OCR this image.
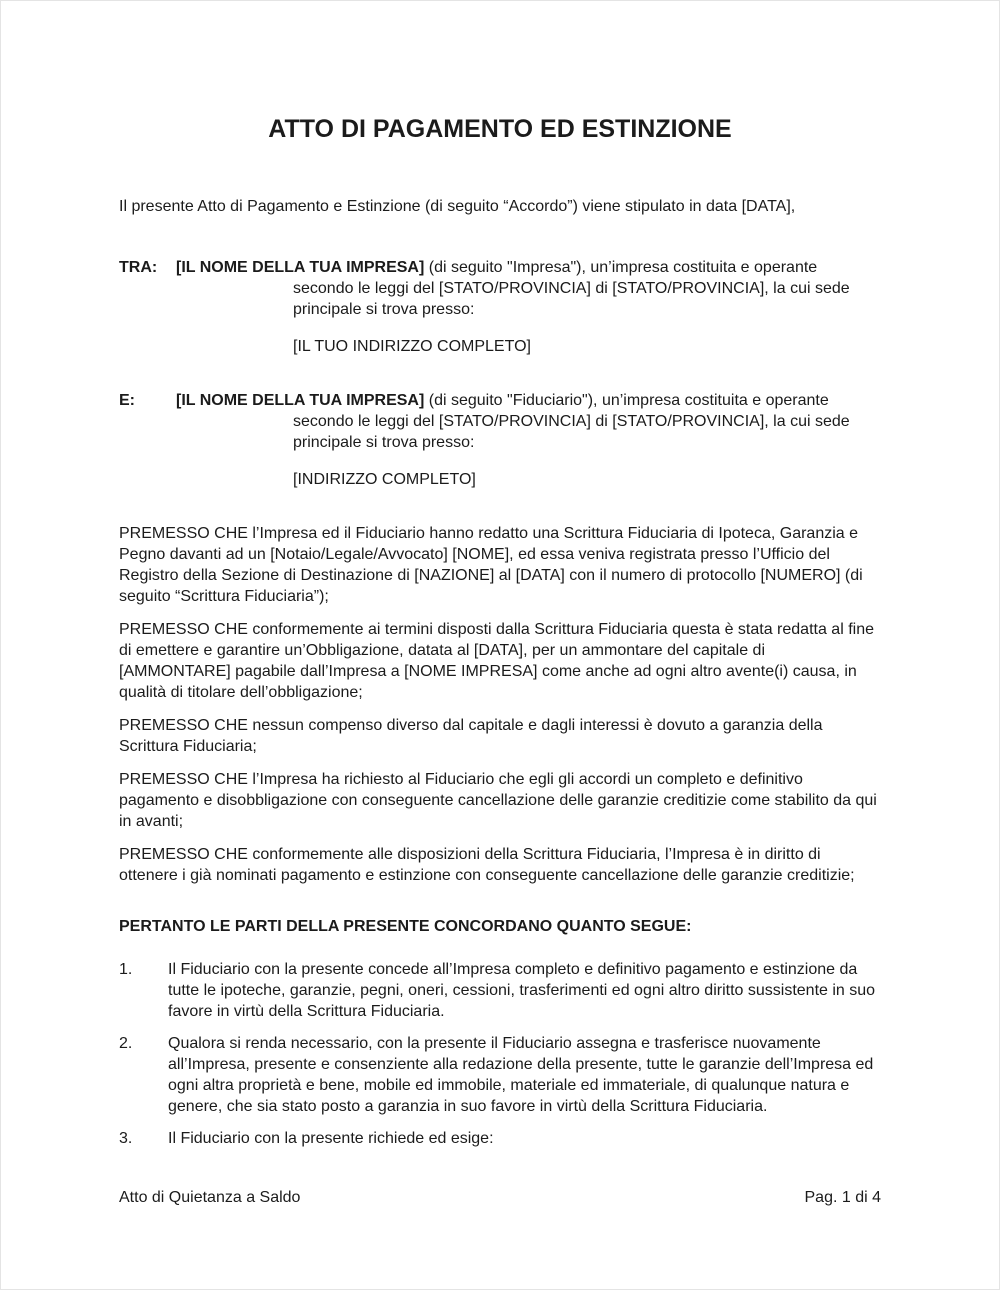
ATTO DI PAGAMENTO ED ESTINZIONE

Il presente Atto di Pagamento e Estinzione (di seguito “Accordo”) viene stipulato in data [DATA],

TRA: [IL NOME DELLA TUA IMPRESA] (di seguito "Impresa"), un’impresa costituita e operante secondo le leggi del [STATO/PROVINCIA] di [STATO/PROVINCIA], la cui sede principale si trova presso:

[IL TUO INDIRIZZO COMPLETO]

E:	[IL NOME DELLA TUA IMPRESA] (di seguito "Fiduciario"), un’impresa costituita e operante secondo le leggi del [STATO/PROVINCIA] di [STATO/PROVINCIA], la cui sede principale si trova presso:

[INDIRIZZO COMPLETO]

PREMESSO CHE l’Impresa ed il Fiduciario hanno redatto una Scrittura Fiduciaria di Ipoteca, Garanzia e Pegno davanti ad un [Notaio/Legale/Avvocato] [NOME], ed essa veniva registrata presso l’Ufficio del Registro della Sezione di Destinazione di [NAZIONE] al [DATA] con il numero di protocollo [NUMERO] (di seguito “Scrittura Fiduciaria”);

PREMESSO CHE conformemente ai termini disposti dalla Scrittura Fiduciaria questa è stata redatta al fine di emettere e garantire un’Obbligazione, datata al [DATA], per un ammontare del capitale di [AMMONTARE] pagabile dall’Impresa a [NOME IMPRESA] come anche ad ogni altro avente(i) causa, in qualità di titolare dell’obbligazione;

PREMESSO CHE nessun compenso diverso dal capitale e dagli interessi è dovuto a garanzia della Scrittura Fiduciaria;

PREMESSO CHE l’Impresa ha richiesto al Fiduciario che egli gli accordi un completo e definitivo pagamento e disobbligazione con conseguente cancellazione delle garanzie creditizie come stabilito da qui in avanti;

PREMESSO CHE conformemente alle disposizioni della Scrittura Fiduciaria, l’Impresa è in diritto di ottenere i già nominati pagamento e estinzione con conseguente cancellazione delle garanzie creditizie;

PERTANTO LE PARTI DELLA PRESENTE CONCORDANO QUANTO SEGUE:

1. Il Fiduciario con la presente concede all’Impresa completo e definitivo pagamento e estinzione da tutte le ipoteche, garanzie, pegni, oneri, cessioni, trasferimenti ed ogni altro diritto sussistente in suo favore in virtù della Scrittura Fiduciaria.

2. Qualora si renda necessario, con la presente il Fiduciario assegna e trasferisce nuovamente all’Impresa, presente e consenziente alla redazione della presente, tutte le garanzie dell’Impresa ed ogni altra proprietà e bene, mobile ed immobile, materiale ed immateriale, di qualunque natura e genere, che sia stato posto a garanzia in suo favore in virtù della Scrittura Fiduciaria.

3. Il Fiduciario con la presente richiede ed esige:

Atto di Quietanza a Saldo	Pag. 1 di 4
